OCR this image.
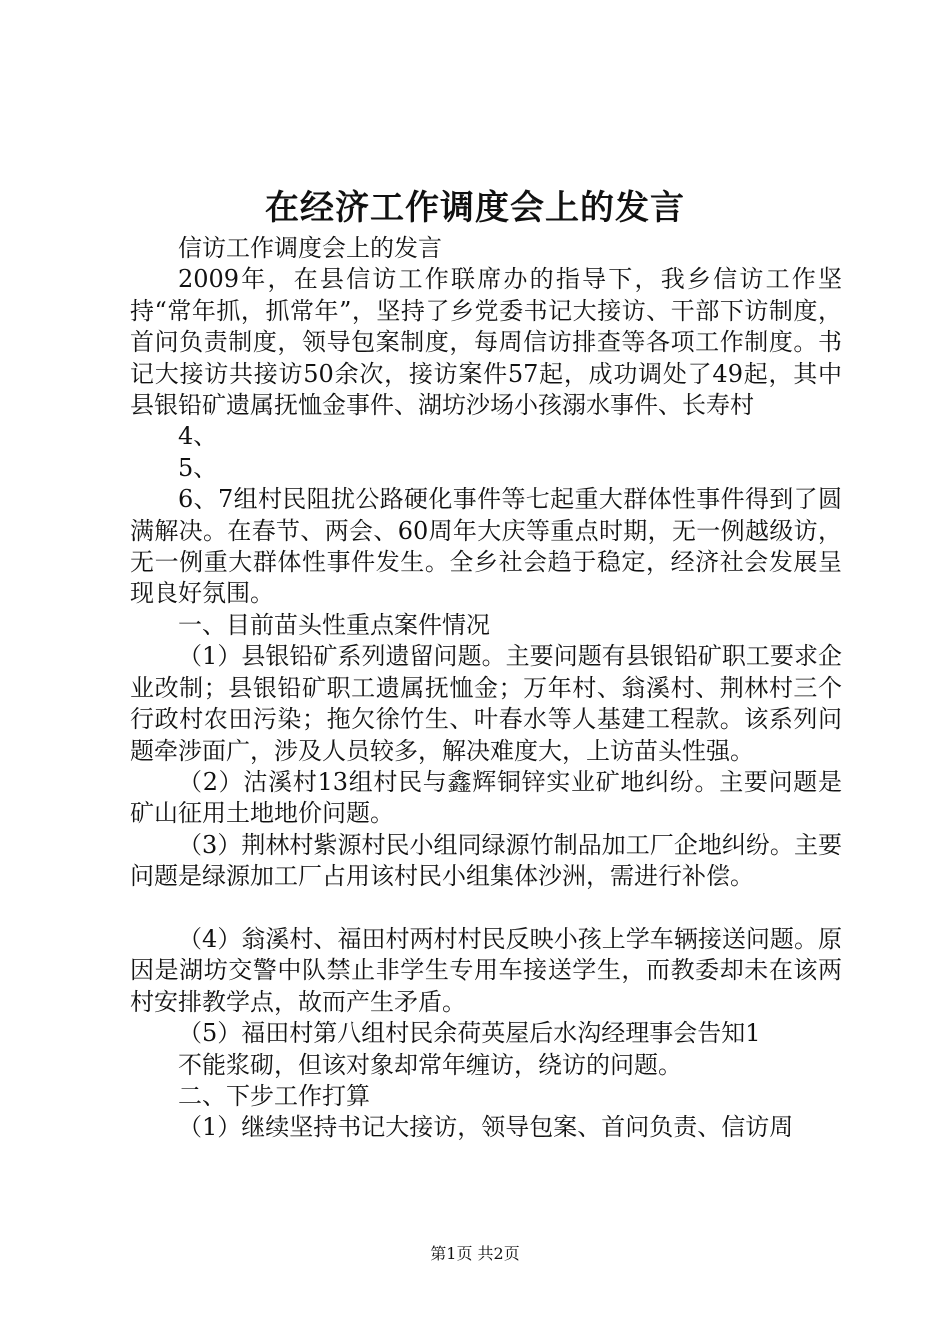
在经济工作调度会上的发言

信访工作调度会上的发言

2009年，在县信访工作联席办的指导下，我乡信访工作坚持“常年抓，抓常年”，坚持了乡党委书记大接访、干部下访制度，首问负责制度，领导包案制度，每周信访排查等各项工作制度。书记大接访共接访50余次，接访案件57起，成功调处了49起，其中县银铅矿遗属抚恤金事件、湖坊沙场小孩溺水事件、长寿村

4、

5、

6、7组村民阻扰公路硬化事件等七起重大群体性事件得到了圆满解决。在春节、两会、60周年大庆等重点时期，无一例越级访，无一例重大群体性事件发生。全乡社会趋于稳定，经济社会发展呈现良好氛围。

一、目前苗头性重点案件情况

（1）县银铅矿系列遗留问题。主要问题有县银铅矿职工要求企业改制；县银铅矿职工遗属抚恤金；万年村、翁溪村、荆林村三个行政村农田污染；拖欠徐竹生、叶春水等人基建工程款。该系列问题牵涉面广，涉及人员较多，解决难度大，上访苗头性强。

（2）沽溪村13组村民与鑫辉铜锌实业矿地纠纷。主要问题是矿山征用土地地价问题。

（3）荆林村紫源村民小组同绿源竹制品加工厂企地纠纷。主要问题是绿源加工厂占用该村民小组集体沙洲，需进行补偿。

（4）翁溪村、福田村两村村民反映小孩上学车辆接送问题。原因是湖坊交警中队禁止非学生专用车接送学生，而教委却未在该两村安排教学点，故而产生矛盾。

（5）福田村第八组村民余荷英屋后水沟经理事会告知1

不能浆砌，但该对象却常年缠访，绕访的问题。

二、下步工作打算

（1）继续坚持书记大接访，领导包案、首问负责、信访周

第1页 共2页
